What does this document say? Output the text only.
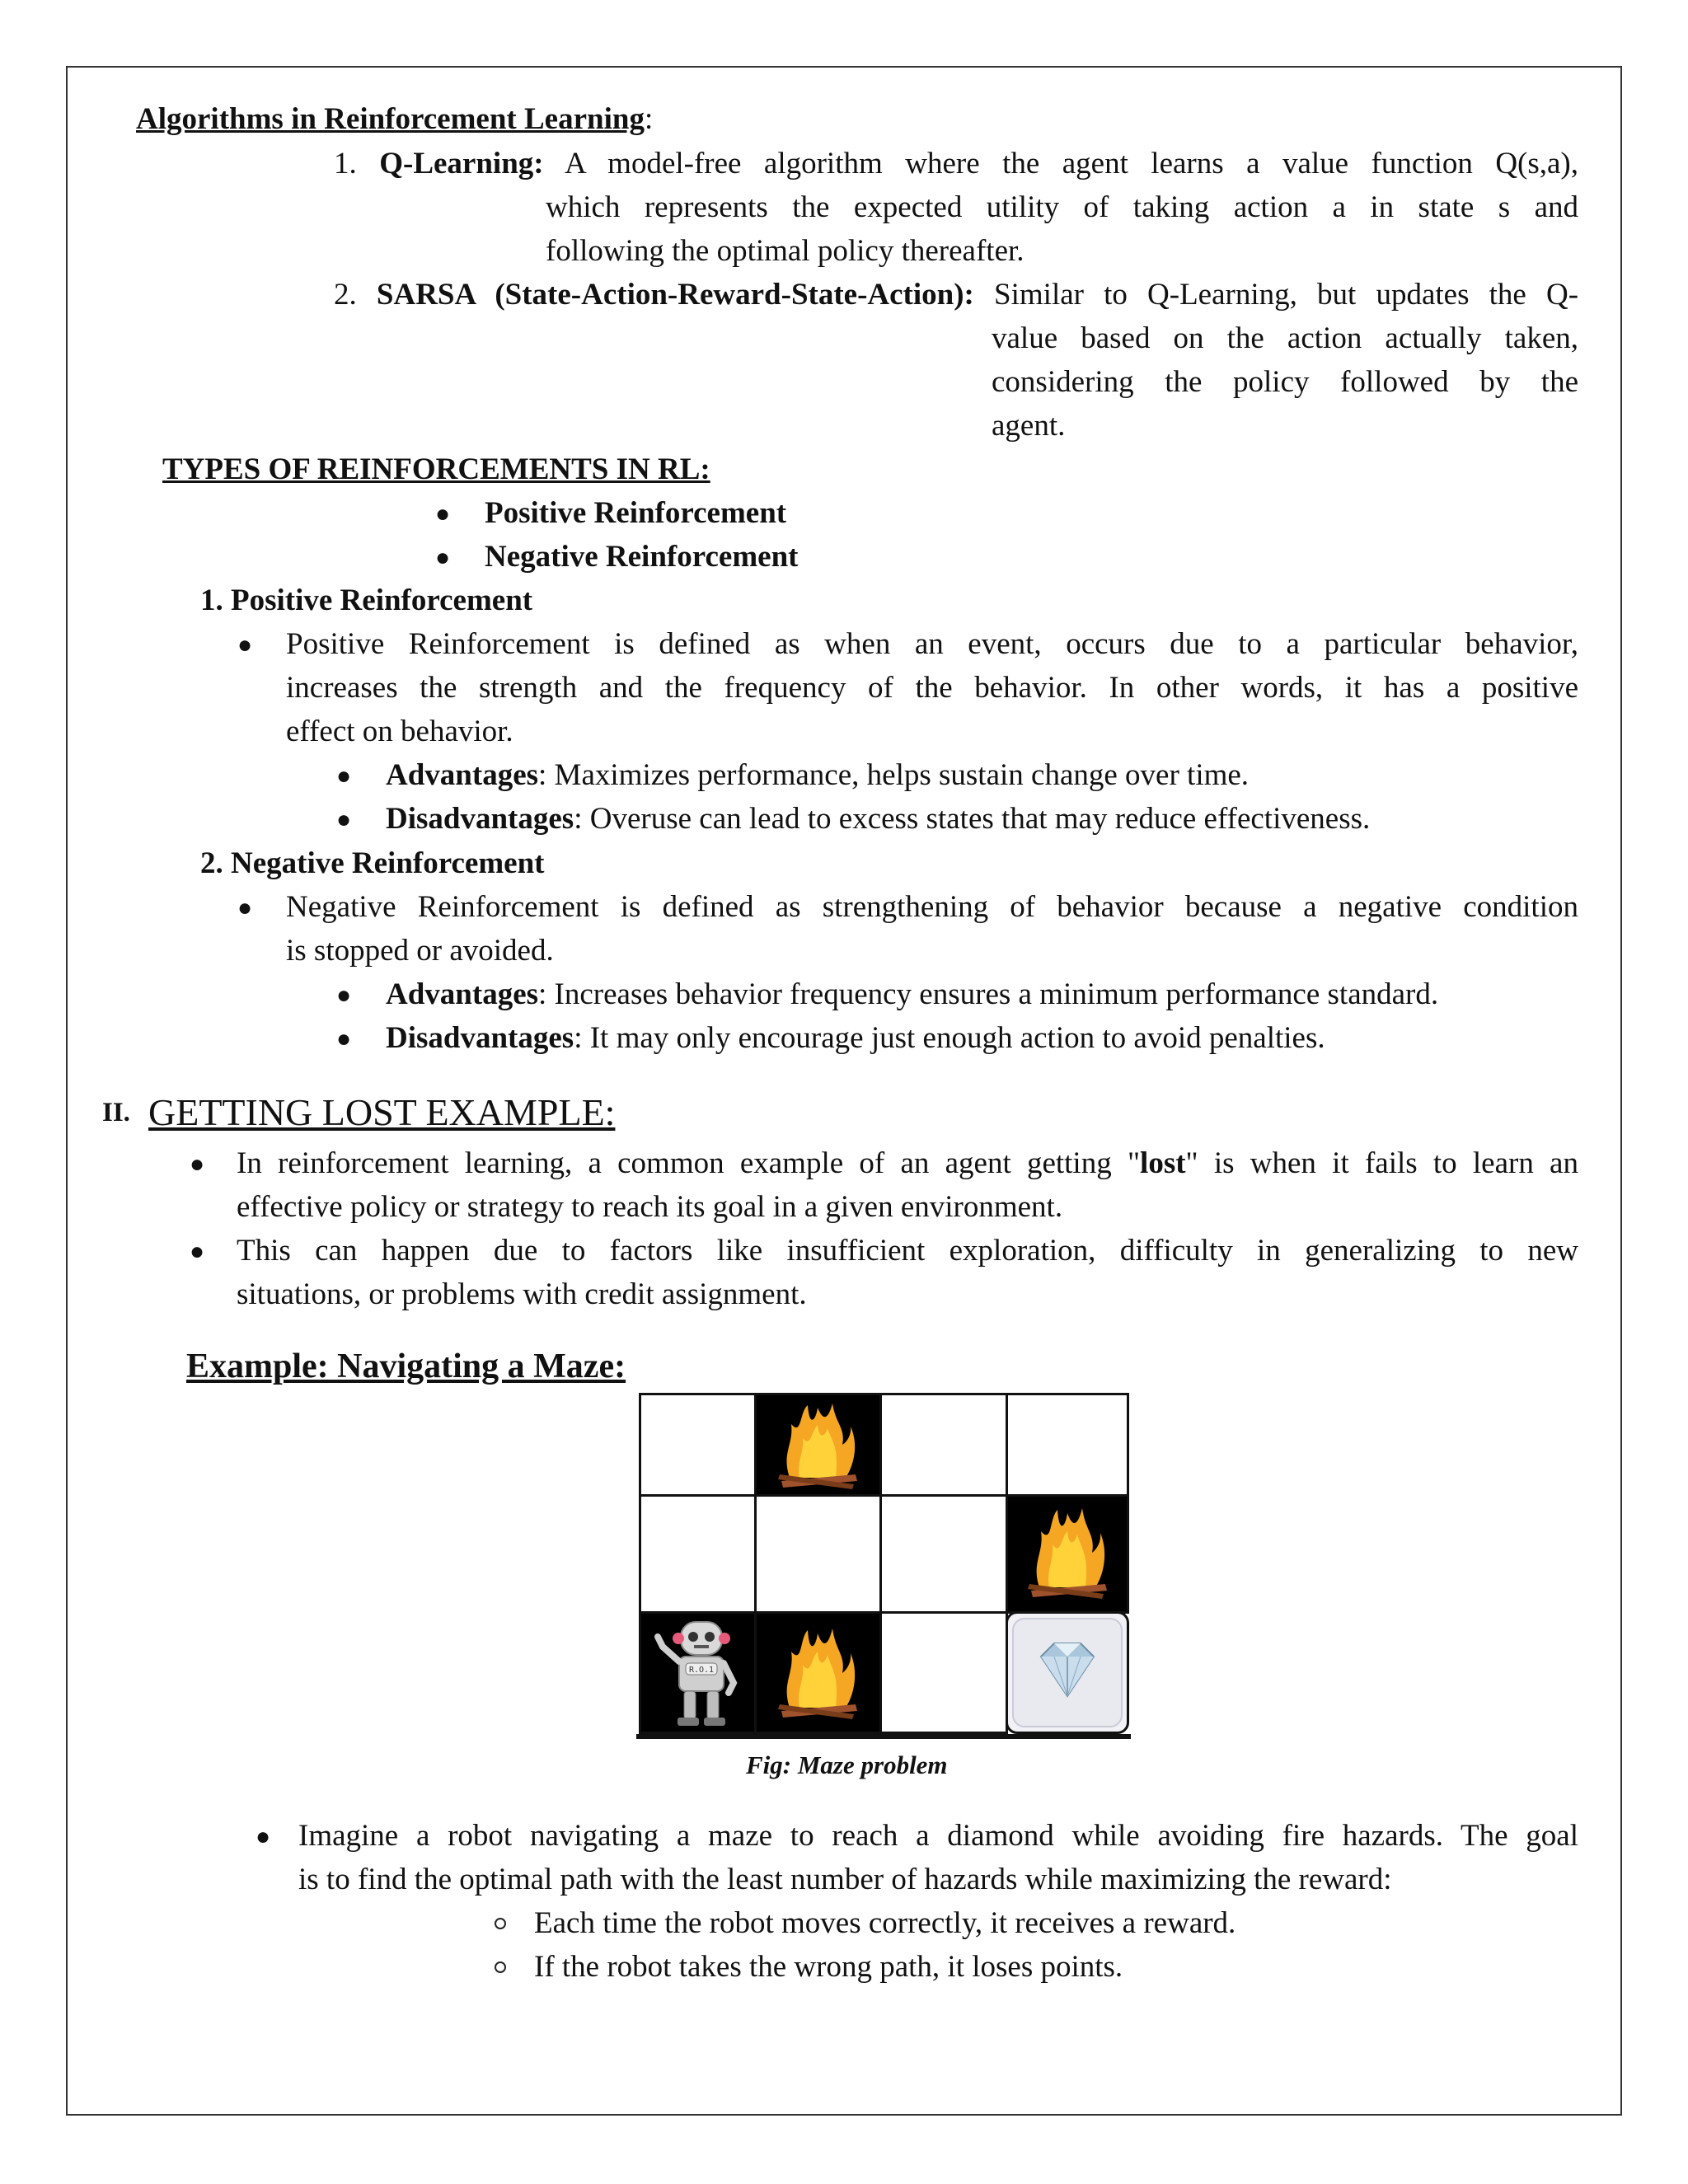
Algorithms in Reinforcement Learning:
1. Q-Learning: A model-free algorithm where the agent learns a value function Q(s,a),
which represents the expected utility of taking action a in state s and
following the optimal policy thereafter.
2. SARSA (State-Action-Reward-State-Action): Similar to Q-Learning, but updates the Q-
value based on the action actually taken,
considering the policy followed by the
agent.
TYPES OF REINFORCEMENTS IN RL:
● Positive Reinforcement
● Negative Reinforcement
1. Positive Reinforcement
● Positive Reinforcement is defined as when an event, occurs due to a particular behavior,
increases the strength and the frequency of the behavior. In other words, it has a positive
effect on behavior.
● Advantages: Maximizes performance, helps sustain change over time.
● Disadvantages: Overuse can lead to excess states that may reduce effectiveness.
2. Negative Reinforcement
● Negative Reinforcement is defined as strengthening of behavior because a negative condition
is stopped or avoided.
● Advantages: Increases behavior frequency ensures a minimum performance standard.
● Disadvantages: It may only encourage just enough action to avoid penalties.
II. GETTING LOST EXAMPLE:
● In reinforcement learning, a common example of an agent getting "lost" is when it fails to learn an
effective policy or strategy to reach its goal in a given environment.
● This can happen due to factors like insufficient exploration, difficulty in generalizing to new
situations, or problems with credit assignment.
Example: Navigating a Maze:
R.O.1
Fig: Maze problem
● Imagine a robot navigating a maze to reach a diamond while avoiding fire hazards. The goal
is to find the optimal path with the least number of hazards while maximizing the reward:
Each time the robot moves correctly, it receives a reward.
If the robot takes the wrong path, it loses points.
